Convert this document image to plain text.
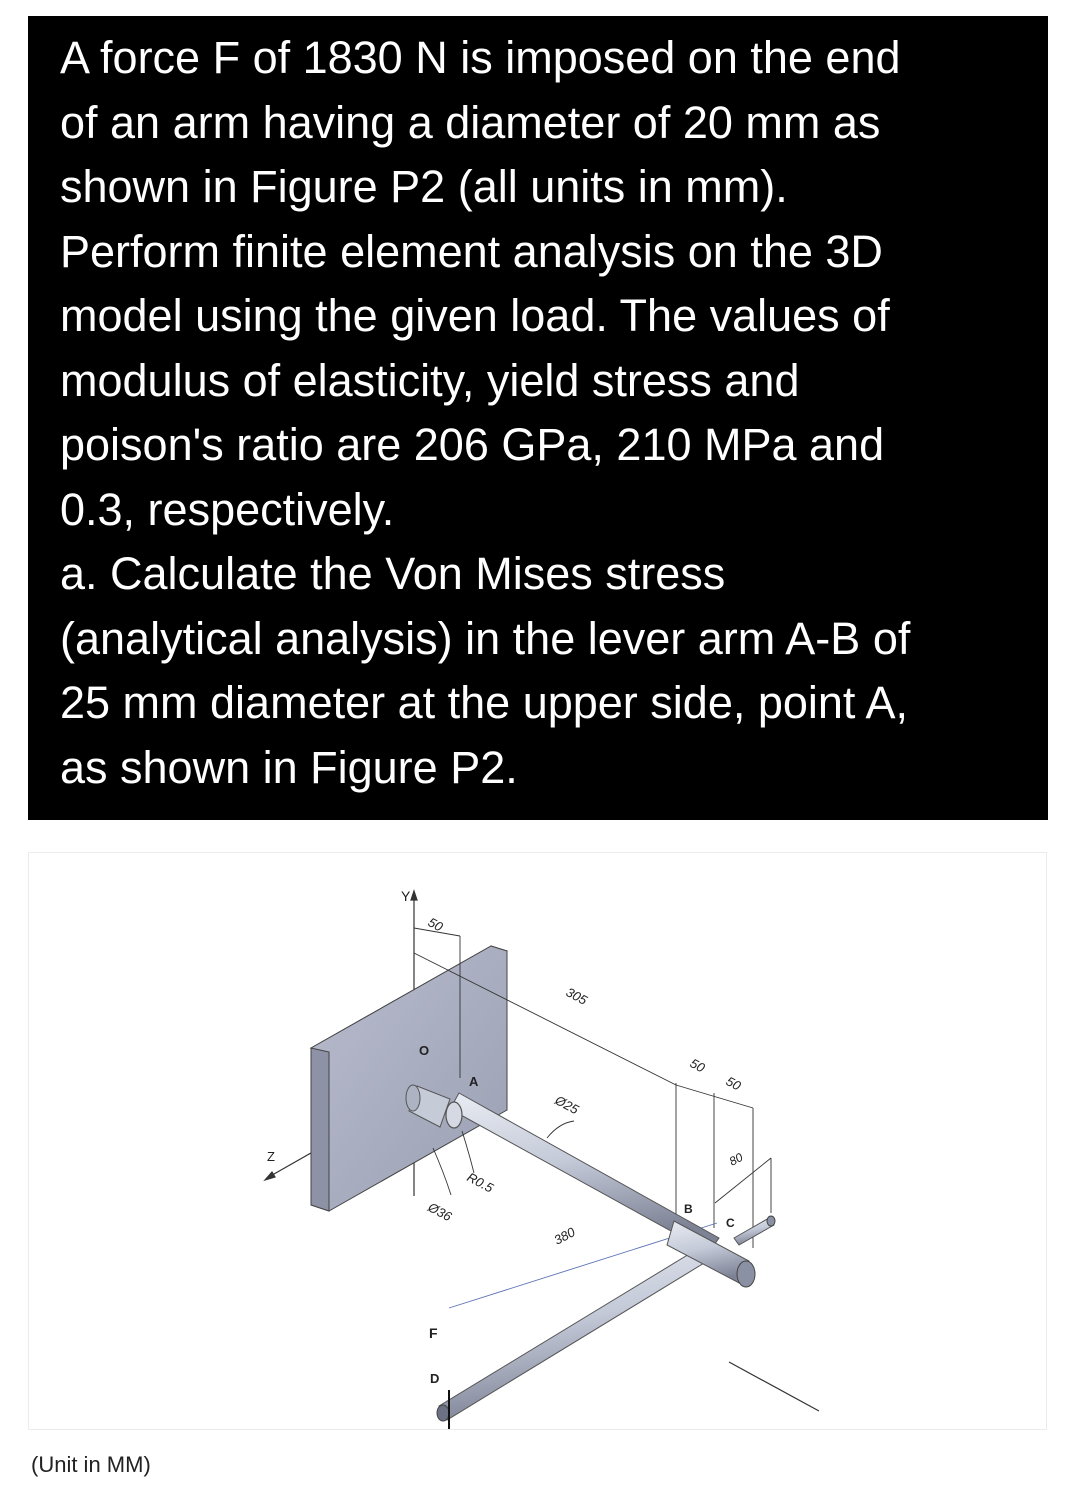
A force F of 1830 N is imposed on the end
of an arm having a diameter of 20 mm as
shown in Figure P2 (all units in mm).
Perform finite element analysis on the 3D
model using the given load. The values of
modulus of elasticity, yield stress and
poison's ratio are 206 GPa, 210 MPa and
0.3, respectively.
a. Calculate the Von Mises stress
(analytical analysis) in the lever arm A-B of
25 mm diameter at the upper side, point A,
as shown in Figure P2.

Y
Z
O
A
B
C
D
F
50
305
50
50
80
Ø25
R0.5
Ø36
380
(Unit in MM)
